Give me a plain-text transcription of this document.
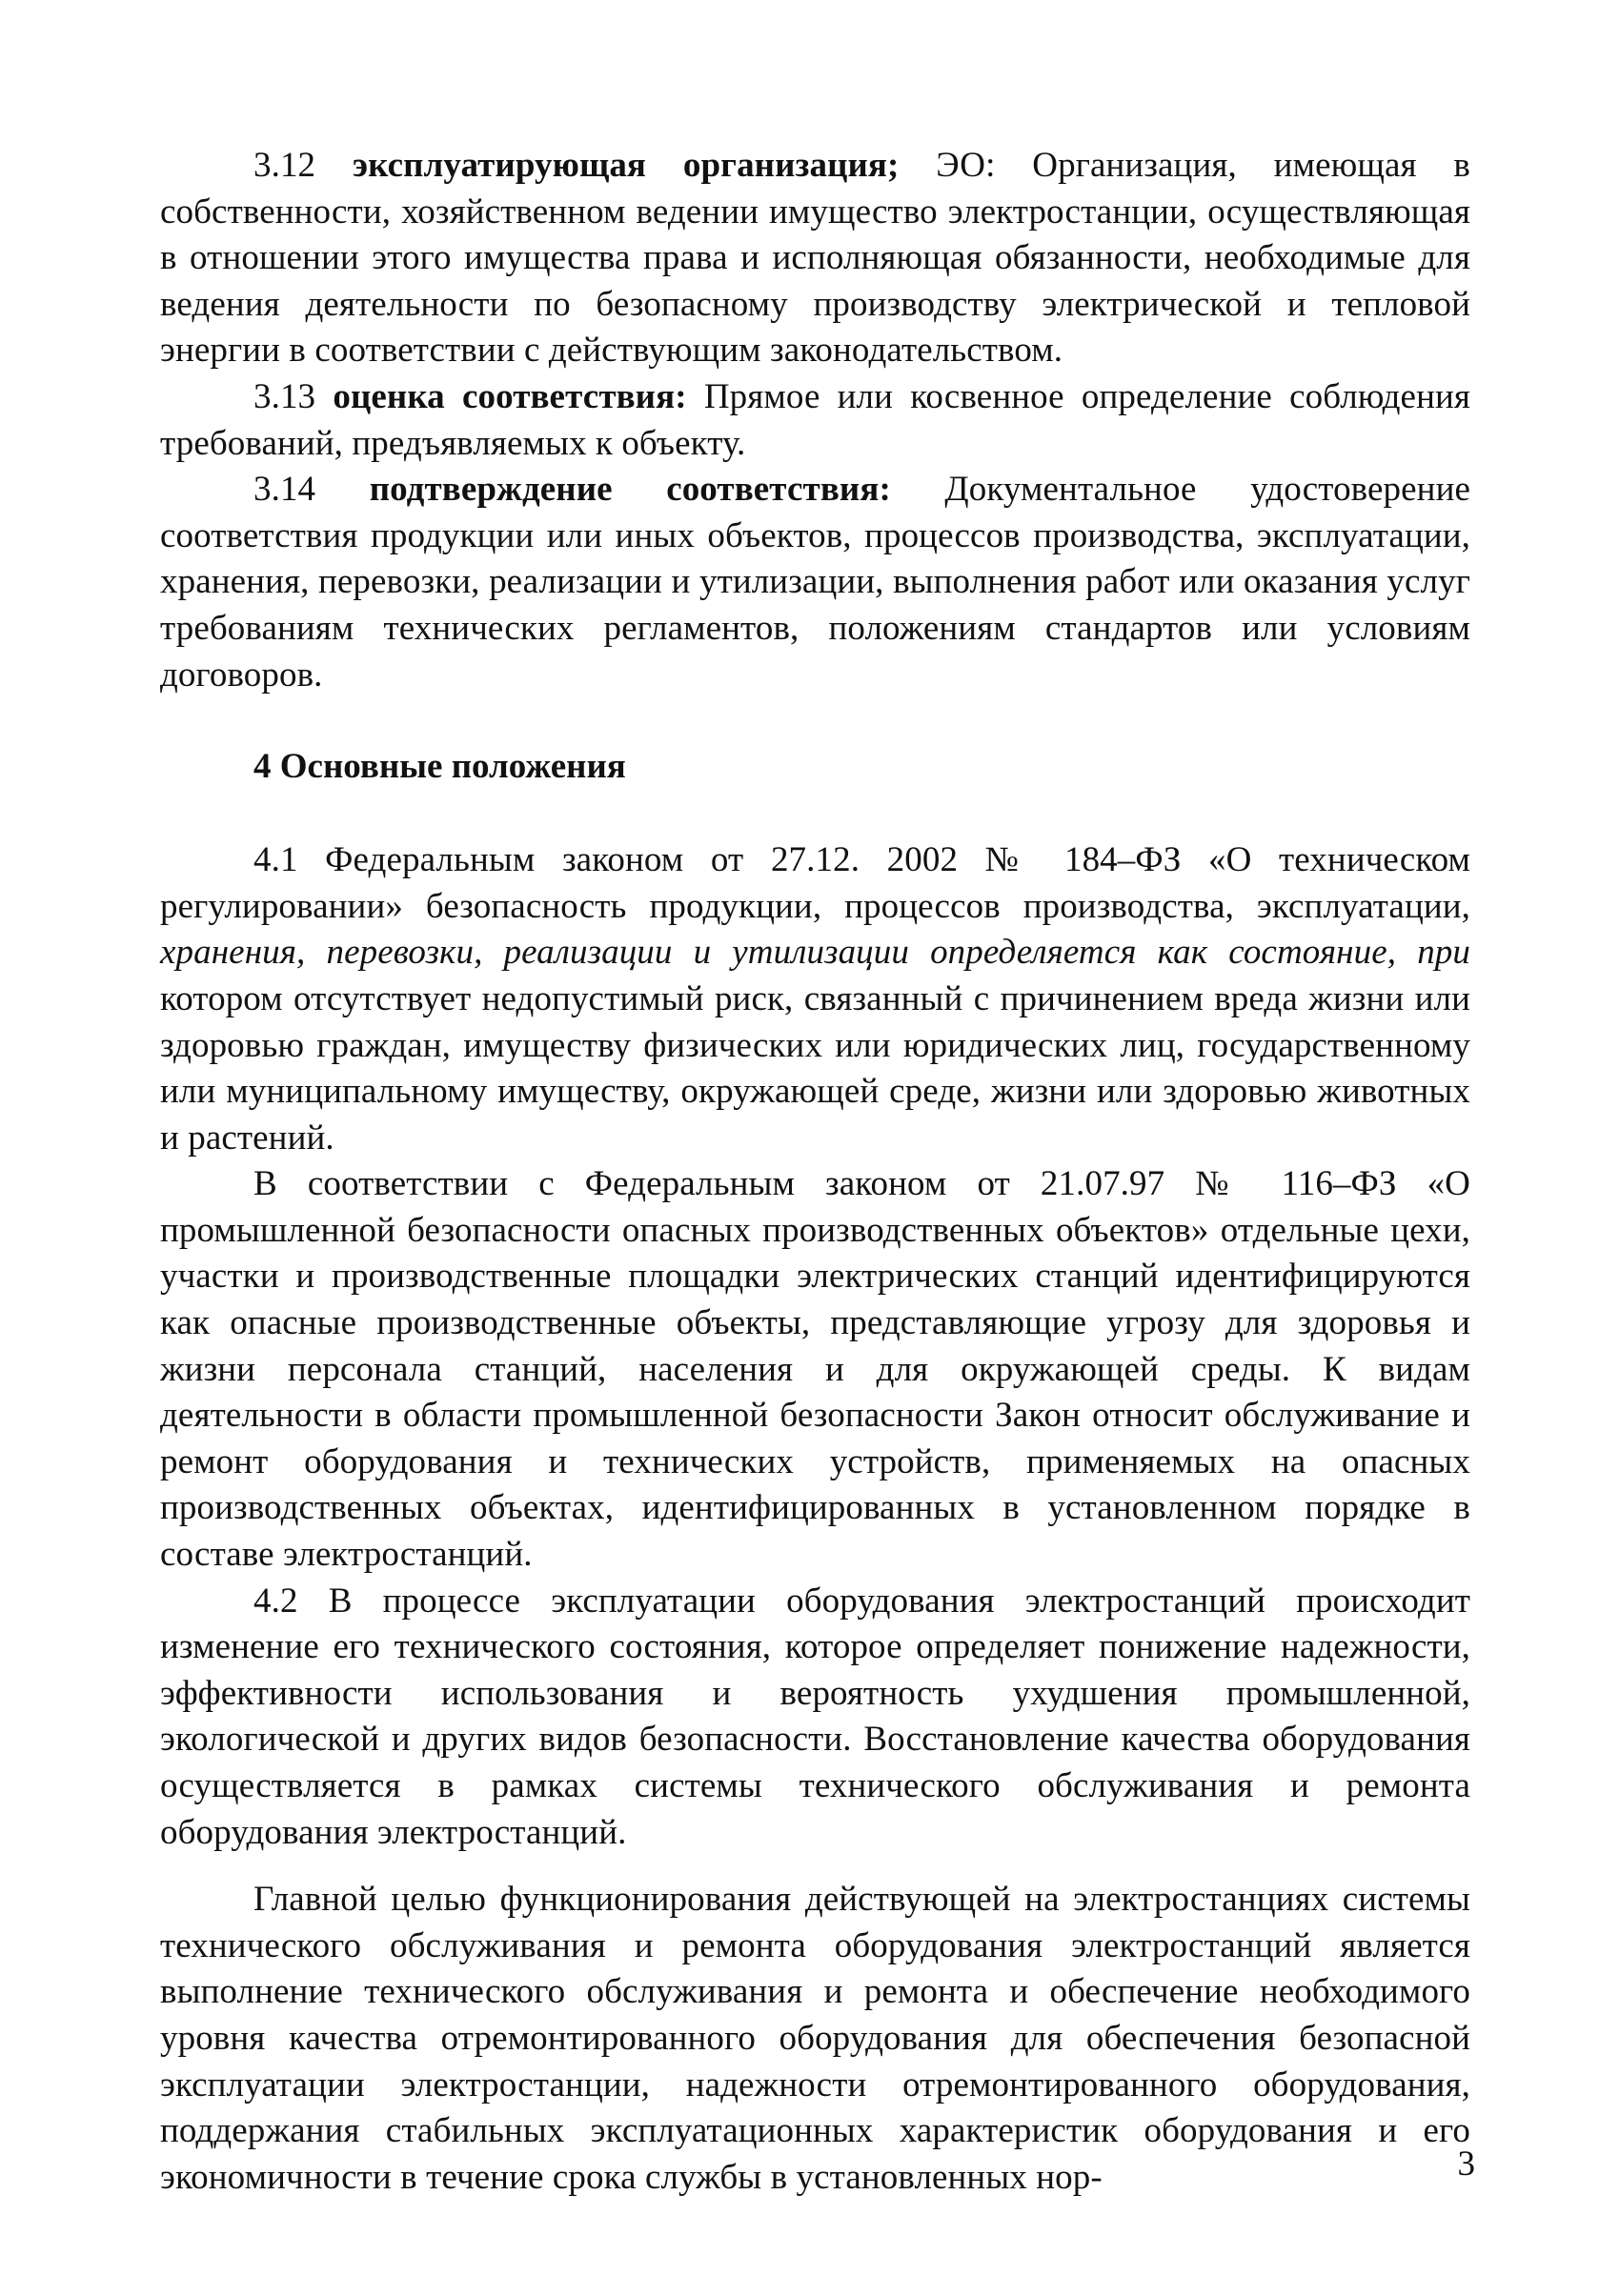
3.12 эксплуатирующая организация; ЭО: Организация, имеющая в собственности, хозяйственном ведении имущество электростанции, осуществляющая в отношении этого имущества права и исполняющая обязанности, необходимые для ведения деятельности по безопасному производству электрической и тепловой энергии в соответствии с действующим законодательством.

3.13 оценка соответствия: Прямое или косвенное определение соблюдения требований, предъявляемых к объекту.

3.14 подтверждение соответствия: Документальное удостоверение соответствия продукции или иных объектов, процессов производства, эксплуатации, хранения, перевозки, реализации и утилизации, выполнения работ или оказания услуг требованиям технических регламентов, положениям стандартов или условиям договоров.

4 Основные положения

4.1 Федеральным законом от 27.12. 2002 № 184–ФЗ «О техническом регулировании» безопасность продукции, процессов производства, эксплуатации, хранения, перевозки, реализации и утилизации определяется как состояние, при котором отсутствует недопустимый риск, связанный с причинением вреда жизни или здоровью граждан, имуществу физических или юридических лиц, государственному или муниципальному имуществу, окружающей среде, жизни или здоровью животных и растений.

В соответствии с Федеральным законом от 21.07.97 № 116–ФЗ «О промышленной безопасности опасных производственных объектов» отдельные цехи, участки и производственные площадки электрических станций идентифицируются как опасные производственные объекты, представляющие угрозу для здоровья и жизни персонала станций, населения и для окружающей среды. К видам деятельности в области промышленной безопасности Закон относит обслуживание и ремонт оборудования и технических устройств, применяемых на опасных производственных объектах, идентифицированных в установленном порядке в составе электростанций.

4.2 В процессе эксплуатации оборудования электростанций происходит изменение его технического состояния, которое определяет понижение надежности, эффективности использования и вероятность ухудшения промышленной, экологической и других видов безопасности. Восстановление качества оборудования осуществляется в рамках системы технического обслуживания и ремонта оборудования электростанций.

Главной целью функционирования действующей на электростанциях системы технического обслуживания и ремонта оборудования электростанций является выполнение технического обслуживания и ремонта и обеспечение необходимого уровня качества отремонтированного оборудования для обеспечения безопасной эксплуатации электростанции, надежности отремонтированного оборудования, поддержания стабильных эксплуатационных характеристик оборудования и его экономичности в течение срока службы в установленных нор-	3
